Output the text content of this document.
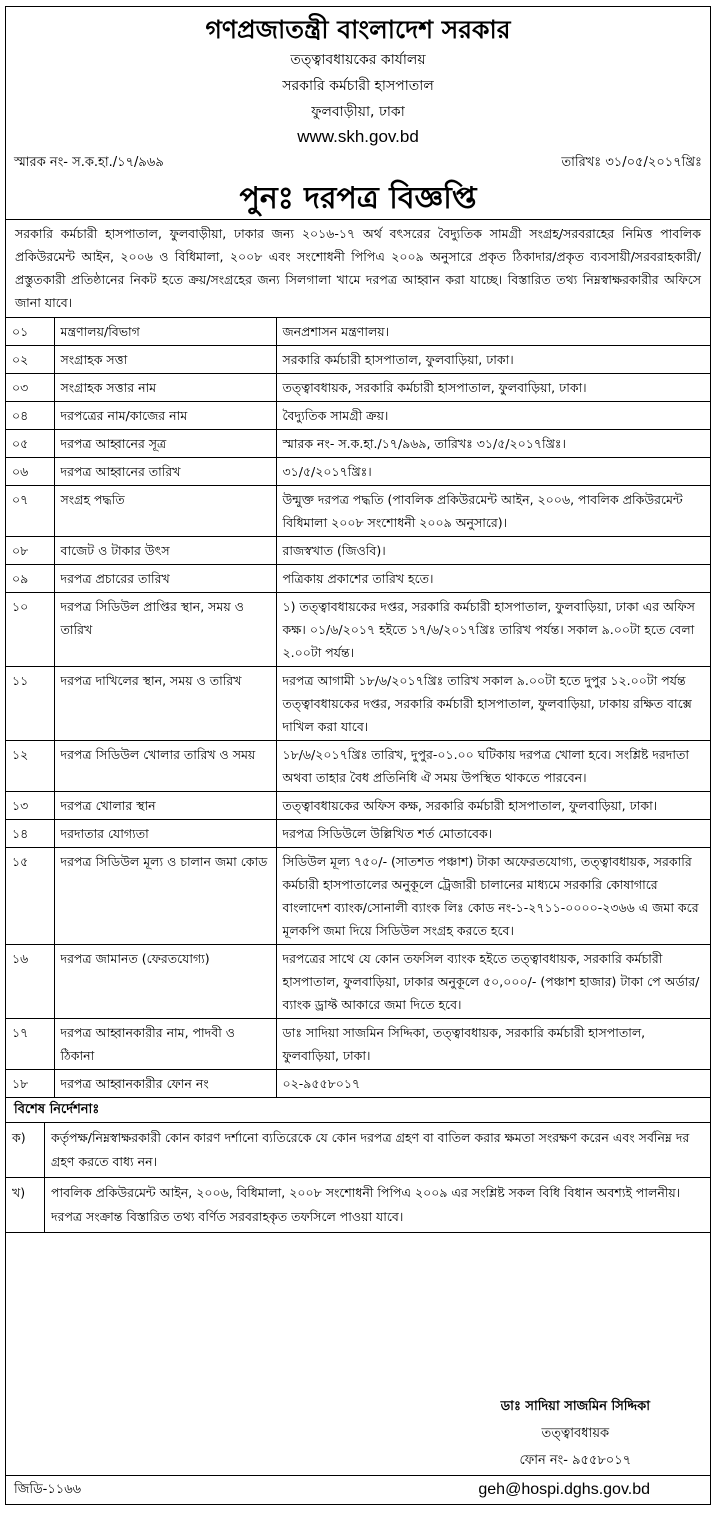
গণপ্রজাতন্ত্রী বাংলাদেশ সরকার
তত্ত্বাবধায়কের কার্যালয়
সরকারি কর্মচারী হাসপাতাল
ফুলবাড়ীয়া, ঢাকা
www.skh.gov.bd
স্মারক নং- স.ক.হা./১৭/৯৬৯	তারিখঃ ৩১/০৫/২০১৭খ্রিঃ
পুনঃ দরপত্র বিজ্ঞপ্তি
সরকারি কর্মচারী হাসপাতাল, ফুলবাড়ীয়া, ঢাকার জন্য ২০১৬-১৭ অর্থ বৎসরের বৈদ্যুতিক সামগ্রী সংগ্রহ/সরবরাহের নিমিত্ত পাবলিক প্রকিউরমেন্ট আইন, ২০০৬ ও বিধিমালা, ২০০৮ এবং সংশোধনী পিপিএ ২০০৯ অনুসারে প্রকৃত ঠিকাদার/প্রকৃত ব্যবসায়ী/সরবরাহকারী/প্রস্তুতকারী প্রতিষ্ঠানের নিকট হতে ক্রয়/সংগ্রহের জন্য সিলগালা খামে দরপত্র আহ্বান করা যাচ্ছে। বিস্তারিত তথ্য নিম্নস্বাক্ষরকারীর অফিসে জানা যাবে।
০১	মন্ত্রণালয়/বিভাগ	জনপ্রশাসন মন্ত্রণালয়।
০২	সংগ্রাহক সত্তা	সরকারি কর্মচারী হাসপাতাল, ফুলবাড়িয়া, ঢাকা।
০৩	সংগ্রাহক সত্তার নাম	তত্ত্বাবধায়ক, সরকারি কর্মচারী হাসপাতাল, ফুলবাড়িয়া, ঢাকা।
০৪	দরপত্রের নাম/কাজের নাম	বৈদ্যুতিক সামগ্রী ক্রয়।
০৫	দরপত্র আহ্বানের সূত্র	স্মারক নং- স.ক.হা./১৭/৯৬৯, তারিখঃ ৩১/৫/২০১৭খ্রিঃ।
০৬	দরপত্র আহ্বানের তারিখ	৩১/৫/২০১৭খ্রিঃ।
০৭	সংগ্রহ পদ্ধতি	উন্মুক্ত দরপত্র পদ্ধতি (পাবলিক প্রকিউরমেন্ট আইন, ২০০৬, পাবলিক প্রকিউরমেন্ট বিধিমালা ২০০৮ সংশোধনী ২০০৯ অনুসারে)।
০৮	বাজেট ও টাকার উৎস	রাজস্বখাত (জিওবি)।
০৯	দরপত্র প্রচারের তারিখ	পত্রিকায় প্রকাশের তারিখ হতে।
১০	দরপত্র সিডিউল প্রাপ্তির স্থান, সময় ও তারিখ	১) তত্ত্বাবধায়কের দপ্তর, সরকারি কর্মচারী হাসপাতাল, ফুলবাড়িয়া, ঢাকা এর অফিস কক্ষ। ০১/৬/২০১৭ হইতে ১৭/৬/২০১৭খ্রিঃ তারিখ পর্যন্ত। সকাল ৯.০০টা হতে বেলা ২.০০টা পর্যন্ত।
১১	দরপত্র দাখিলের স্থান, সময় ও তারিখ	দরপত্র আগামী ১৮/৬/২০১৭খ্রিঃ তারিখ সকাল ৯.০০টা হতে দুপুর ১২.০০টা পর্যন্ত তত্ত্বাবধায়কের দপ্তর, সরকারি কর্মচারী হাসপাতাল, ফুলবাড়িয়া, ঢাকায় রক্ষিত বাক্সে দাখিল করা যাবে।
১২	দরপত্র সিডিউল খোলার তারিখ ও সময়	১৮/৬/২০১৭খ্রিঃ তারিখ, দুপুর-০১.০০ ঘটিকায় দরপত্র খোলা হবে। সংশ্লিষ্ট দরদাতা অথবা তাহার বৈধ প্রতিনিধি ঐ সময় উপস্থিত থাকতে পারবেন।
১৩	দরপত্র খোলার স্থান	তত্ত্বাবধায়কের অফিস কক্ষ, সরকারি কর্মচারী হাসপাতাল, ফুলবাড়িয়া, ঢাকা।
১৪	দরদাতার যোগ্যতা	দরপত্র সিডিউলে উল্লিখিত শর্ত মোতাবেক।
১৫	দরপত্র সিডিউল মূল্য ও চালান জমা কোড	সিডিউল মূল্য ৭৫০/- (সাতশত পঞ্চাশ) টাকা অফেরতযোগ্য, তত্ত্বাবধায়ক, সরকারি কর্মচারী হাসপাতালের অনুকূলে ট্রেজারী চালানের মাধ্যমে সরকারি কোষাগারে বাংলাদেশ ব্যাংক/সোনালী ব্যাংক লিঃ কোড নং-১-২৭১১-০০০০-২৩৬৬ এ জমা করে মূলকপি জমা দিয়ে সিডিউল সংগ্রহ করতে হবে।
১৬	দরপত্র জামানত (ফেরতযোগ্য)	দরপত্রের সাথে যে কোন তফসিল ব্যাংক হইতে তত্ত্বাবধায়ক, সরকারি কর্মচারী হাসপাতাল, ফুলবাড়িয়া, ঢাকার অনুকূলে ৫০,০০০/- (পঞ্চাশ হাজার) টাকা পে অর্ডার/ব্যাংক ড্রাফ্ট আকারে জমা দিতে হবে।
১৭	দরপত্র আহ্বানকারীর নাম, পাদবী ও ঠিকানা	ডাঃ সাদিয়া সাজমিন সিদ্দিকা, তত্ত্বাবধায়ক, সরকারি কর্মচারী হাসপাতাল, ফুলবাড়িয়া, ঢাকা।
১৮	দরপত্র আহ্বানকারীর ফোন নং	০২-৯৫৫৮০১৭
বিশেষ নির্দেশনাঃ
ক)	কর্তৃপক্ষ/নিম্নস্বাক্ষরকারী কোন কারণ দর্শানো ব্যতিরেকে যে কোন দরপত্র গ্রহণ বা বাতিল করার ক্ষমতা সংরক্ষণ করেন এবং সর্বনিম্ন দর গ্রহণ করতে বাধ্য নন।
খ)	পাবলিক প্রকিউরমেন্ট আইন, ২০০৬, বিধিমালা, ২০০৮ সংশোধনী পিপিএ ২০০৯ এর সংশ্লিষ্ট সকল বিধি বিধান অবশ্যই পালনীয়। দরপত্র সংক্রান্ত বিস্তারিত তথ্য বর্ণিত সরবরাহকৃত তফসিলে পাওয়া যাবে।
ডাঃ সাদিয়া সাজমিন সিদ্দিকা
তত্ত্বাবধায়ক
ফোন নং- ৯৫৫৮০১৭
জিডি-১১৬৬	geh@hospi.dghs.gov.bd
